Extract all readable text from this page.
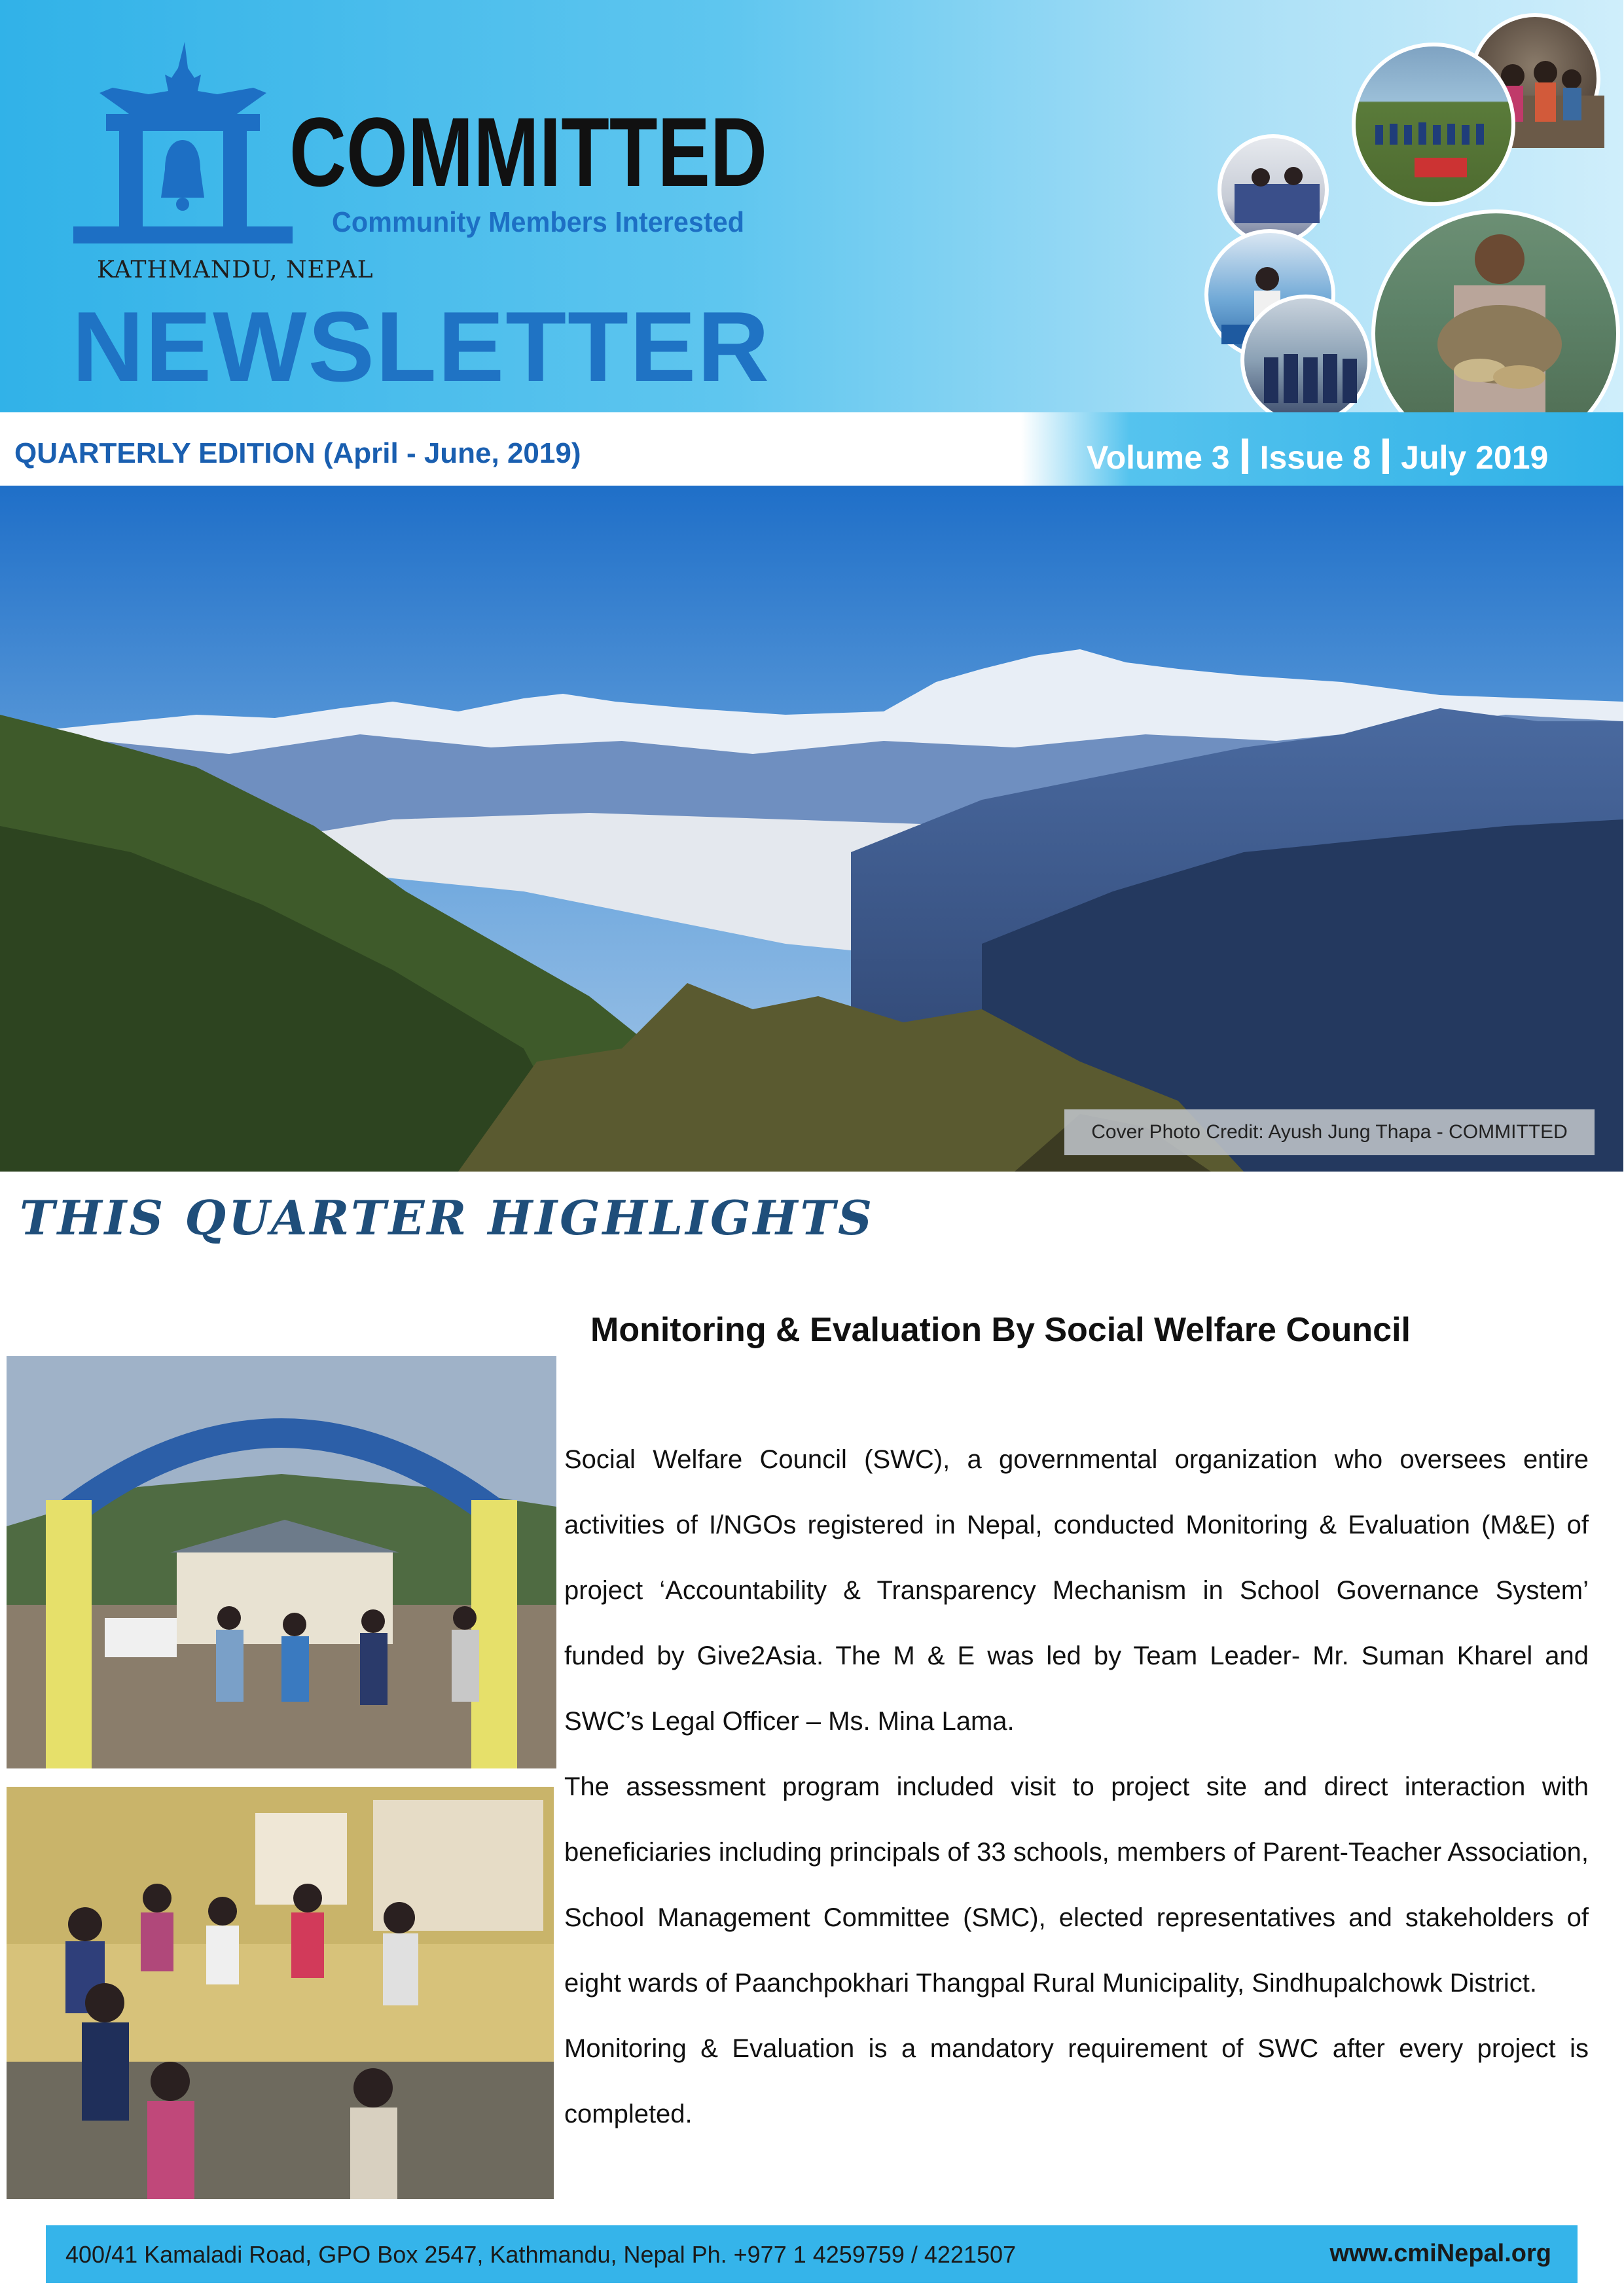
COMMITTED
Community Members Interested
KATHMANDU, NEPAL
NEWSLETTER
QUARTERLY EDITION (April - June, 2019)	Volume 3 Issue 8 July 2019
Cover Photo Credit: Ayush Jung Thapa - COMMITTED
THIS QUARTER HIGHLIGHTS
Monitoring & Evaluation By Social Welfare Council

Social Welfare Council (SWC), a governmental organization who oversees entire activities of I/NGOs registered in Nepal, conducted Monitoring & Evaluation (M&E) of project ‘Accountability & Transparency Mechanism in School Governance System’ funded by Give2Asia. The M & E was led by Team Leader- Mr. Suman Kharel and SWC’s Legal Officer – Ms. Mina Lama.

The assessment program included visit to project site and direct interaction with beneficiaries including principals of 33 schools, members of Parent-Teacher Association, School Management Committee (SMC), elected representatives and stakeholders of eight wards of Paanchpokhari Thangpal Rural Municipality, Sindhupalchowk District.

Monitoring & Evaluation is a mandatory requirement of SWC after every project is completed.

400/41 Kamaladi Road, GPO Box 2547, Kathmandu, Nepal Ph. +977 1 4259759 / 4221507	www.cmiNepal.org
